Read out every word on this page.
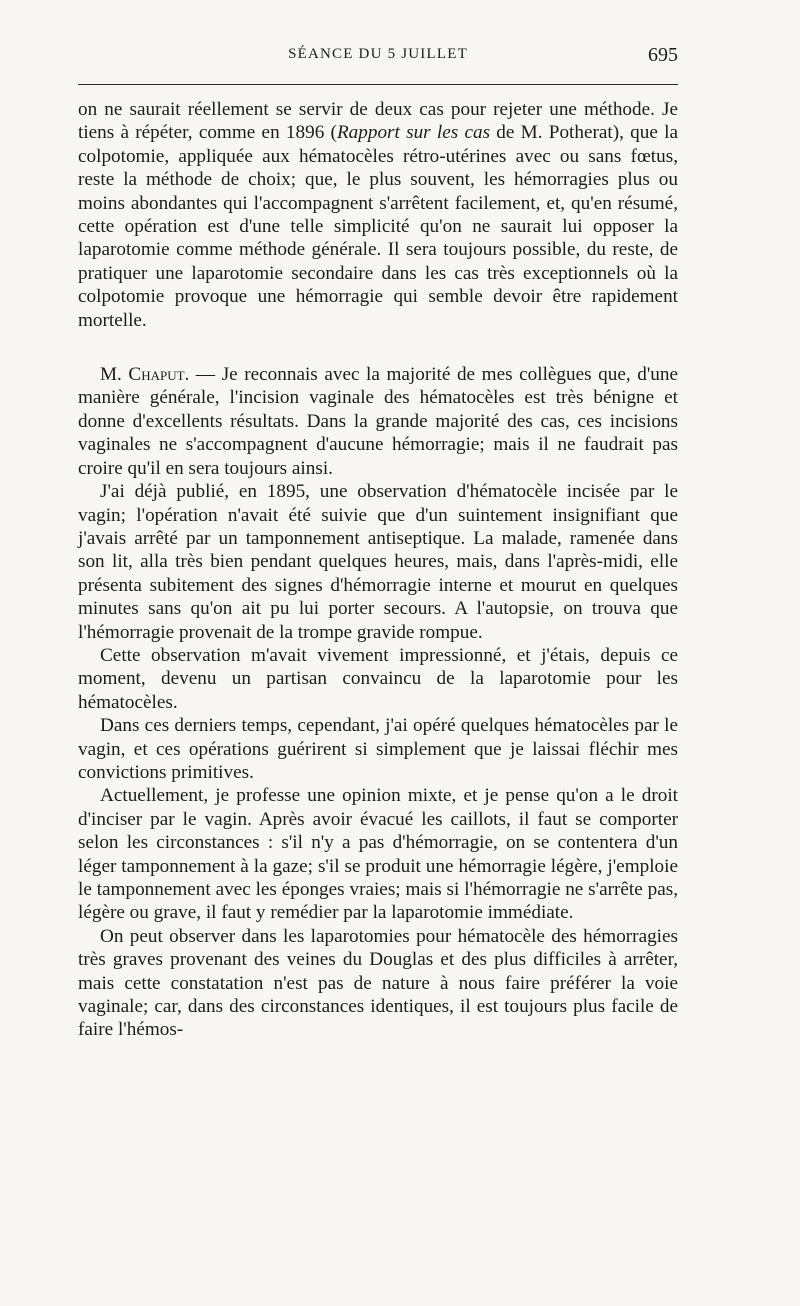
SÉANCE DU 5 JUILLET	695

on ne saurait réellement se servir de deux cas pour rejeter une méthode. Je tiens à répéter, comme en 1896 (Rapport sur les cas de M. Potherat), que la colpotomie, appliquée aux hématocèles rétro-utérines avec ou sans fœtus, reste la méthode de choix; que, le plus souvent, les hémorragies plus ou moins abondantes qui l'accompagnent s'arrêtent facilement, et, qu'en résumé, cette opération est d'une telle simplicité qu'on ne saurait lui opposer la laparotomie comme méthode générale. Il sera toujours possible, du reste, de pratiquer une laparotomie secondaire dans les cas très exceptionnels où la colpotomie provoque une hémorragie qui semble devoir être rapidement mortelle.

M. Chaput. — Je reconnais avec la majorité de mes collègues que, d'une manière générale, l'incision vaginale des hématocèles est très bénigne et donne d'excellents résultats. Dans la grande majorité des cas, ces incisions vaginales ne s'accompagnent d'aucune hémorragie; mais il ne faudrait pas croire qu'il en sera toujours ainsi.

J'ai déjà publié, en 1895, une observation d'hématocèle incisée par le vagin; l'opération n'avait été suivie que d'un suintement insignifiant que j'avais arrêté par un tamponnement antiseptique. La malade, ramenée dans son lit, alla très bien pendant quelques heures, mais, dans l'après-midi, elle présenta subitement des signes d'hémorragie interne et mourut en quelques minutes sans qu'on ait pu lui porter secours. A l'autopsie, on trouva que l'hémorragie provenait de la trompe gravide rompue.

Cette observation m'avait vivement impressionné, et j'étais, depuis ce moment, devenu un partisan convaincu de la laparotomie pour les hématocèles.

Dans ces derniers temps, cependant, j'ai opéré quelques hématocèles par le vagin, et ces opérations guérirent si simplement que je laissai fléchir mes convictions primitives.

Actuellement, je professe une opinion mixte, et je pense qu'on a le droit d'inciser par le vagin. Après avoir évacué les caillots, il faut se comporter selon les circonstances : s'il n'y a pas d'hémorragie, on se contentera d'un léger tamponnement à la gaze; s'il se produit une hémorragie légère, j'emploie le tamponnement avec les éponges vraies; mais si l'hémorragie ne s'arrête pas, légère ou grave, il faut y remédier par la laparotomie immédiate.

On peut observer dans les laparotomies pour hématocèle des hémorragies très graves provenant des veines du Douglas et des plus difficiles à arrêter, mais cette constatation n'est pas de nature à nous faire préférer la voie vaginale; car, dans des circonstances identiques, il est toujours plus facile de faire l'hémos-
